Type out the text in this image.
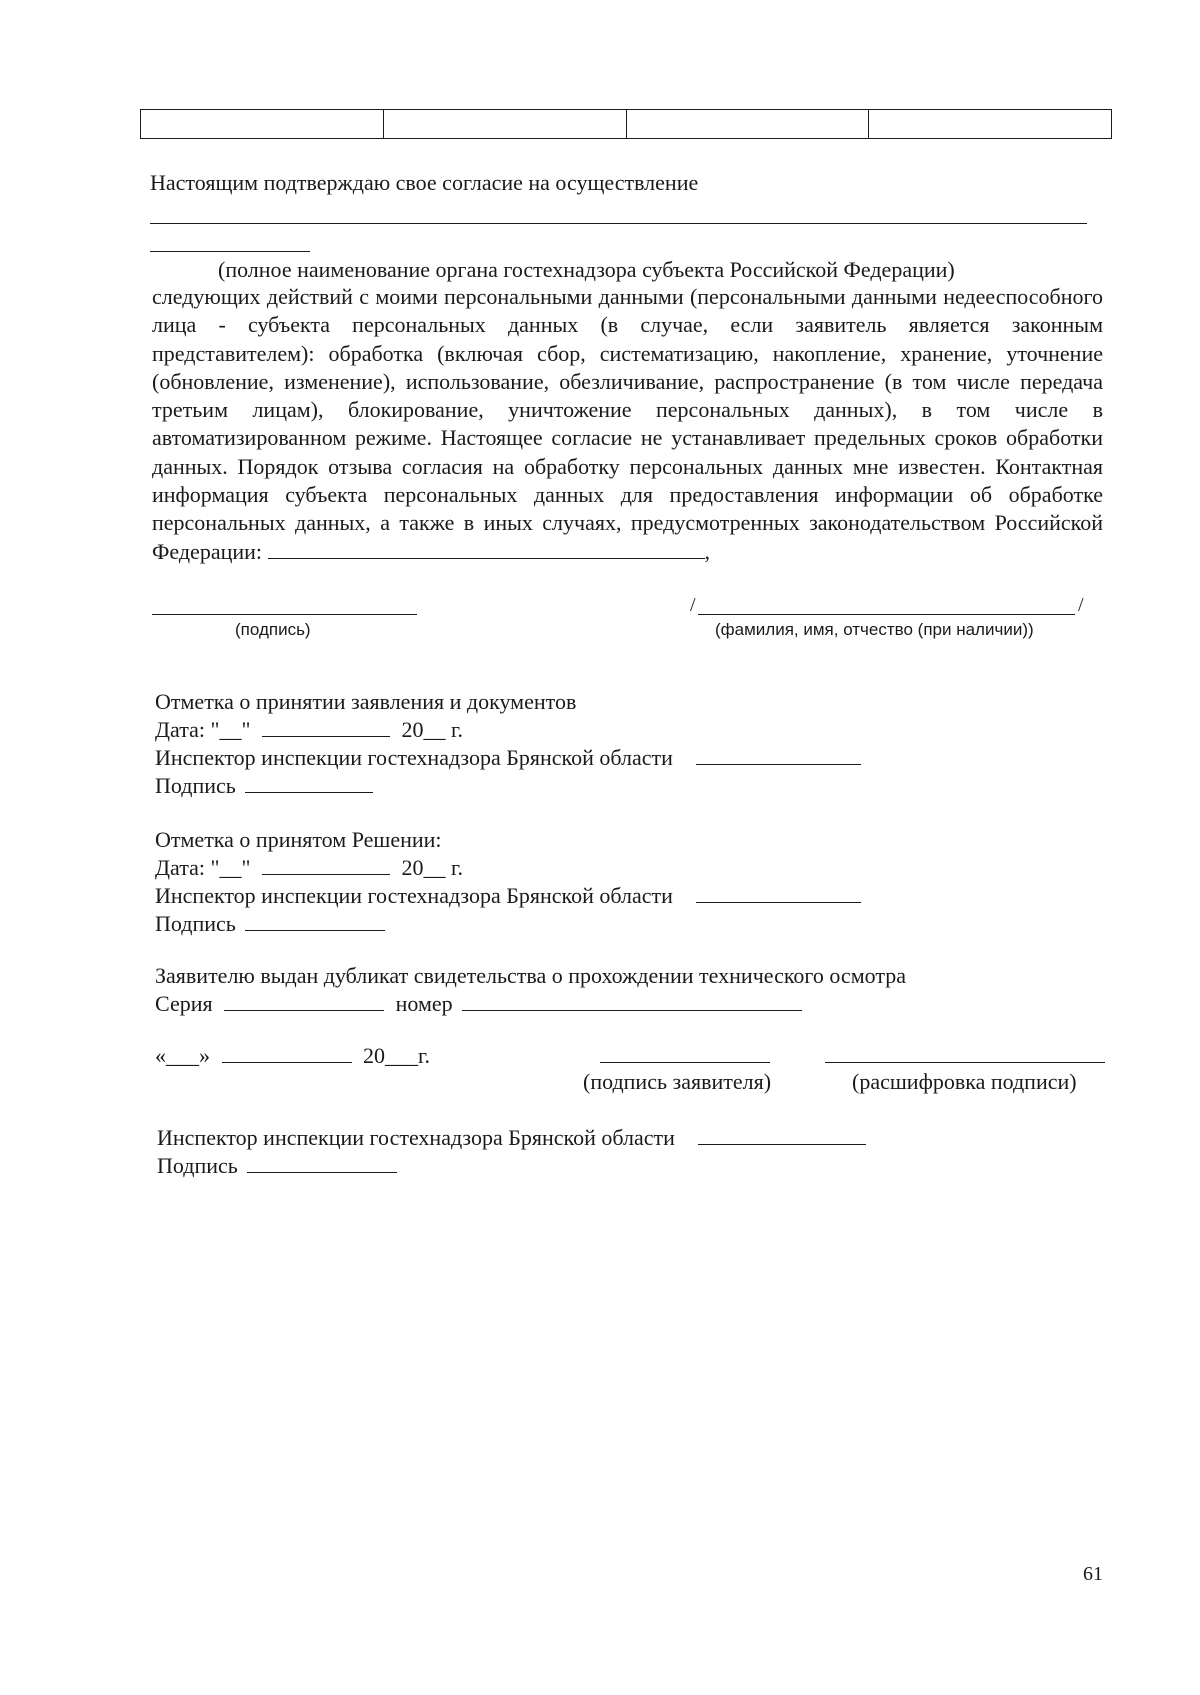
Настоящим подтверждаю свое согласие на осуществление
(полное наименование органа гостехнадзора субъекта Российской Федерации)
следующих действий с моими персональными данными (персональными данными недееспособного лица - субъекта персональных данных (в случае, если заявитель является законным представителем): обработка (включая сбор, систематизацию, накопление, хранение, уточнение (обновление, изменение), использование, обезличивание, распространение (в том числе передача третьим лицам), блокирование, уничтожение персональных данных), в том числе в автоматизированном режиме. Настоящее согласие не устанавливает предельных сроков обработки данных. Порядок отзыва согласия на обработку персональных данных мне известен. Контактная информация субъекта персональных данных для предоставления информации об обработке персональных данных, а также в иных случаях, предусмотренных законодательством Российской Федерации:	,
/	/
(подпись)	(фамилия, имя, отчество (при наличии))
Отметка о принятии заявления и документов
Дата: "__"	20__ г.
Инспектор инспекции гостехнадзора Брянской области
Подпись
Отметка о принятом Решении:
Дата: "__"	20__ г.
Инспектор инспекции гостехнадзора Брянской области
Подпись
Заявителю выдан дубликат свидетельства о прохождении технического осмотра
Серия	номер
«___»	20___г.
(подпись заявителя)	(расшифровка подписи)
Инспектор инспекции гостехнадзора Брянской области
Подпись
61
